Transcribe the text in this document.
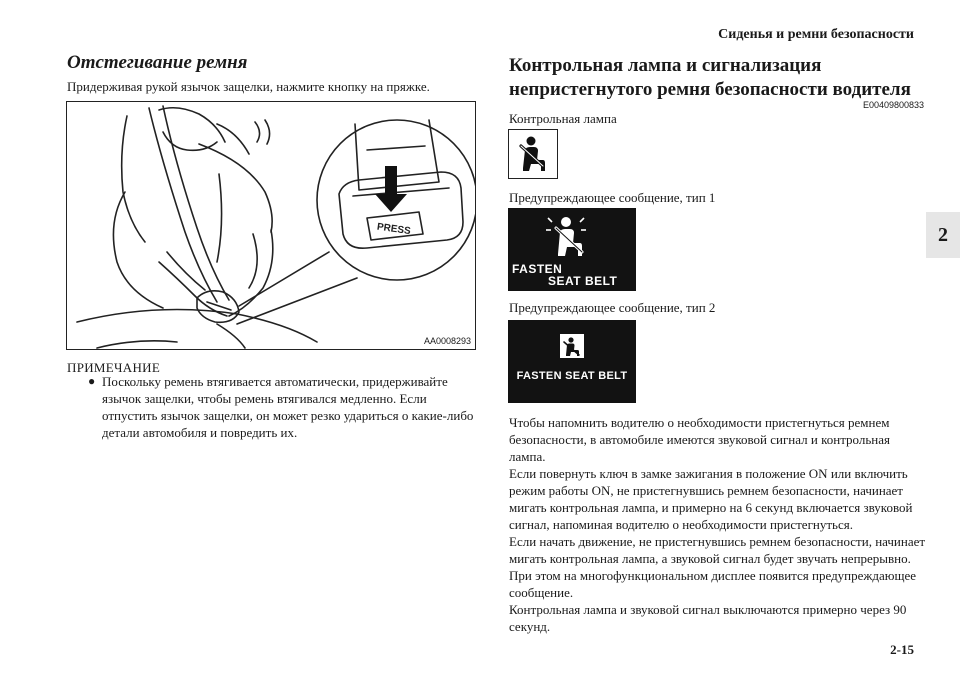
Сиденья и ремни безопасности
2
Отстегивание ремня
Придерживая рукой язычок защелки, нажмите кнопку на пряжке.
PRESS
AA0008293
ПРИМЕЧАНИЕ
● Поскольку ремень втягивается автоматически, придерживайте язычок защелки, чтобы ремень втягивался медленно. Если отпустить язычок защелки, он может резко удариться о какие-либо детали автомобиля и повредить их.
Контрольная лампа и сигнализация
непристегнутого ремня безопасности водителя
E00409800833
Контрольная лампа
Предупреждающее сообщение, тип 1
FASTEN
SEAT BELT
Предупреждающее сообщение, тип 2
FASTEN SEAT BELT

Чтобы напомнить водителю о необходимости пристегнуться ремнем безопасности, в автомобиле имеются звуковой сигнал и контрольная лампа.

Если повернуть ключ в замке зажигания в положение ON или включить режим работы ON, не пристегнувшись ремнем безопасности, начинает мигать контрольная лампа, и примерно на 6 секунд включается звуковой сигнал, напоминая водителю о необходимости пристегнуться.

Если начать движение, не пристегнувшись ремнем безопасности, начинает мигать контрольная лампа, а звуковой сигнал будет звучать непрерывно. При этом на многофункциональном дисплее появится предупреждающее сообщение.

Контрольная лампа и звуковой сигнал выключаются примерно через 90 секунд.

2-15
